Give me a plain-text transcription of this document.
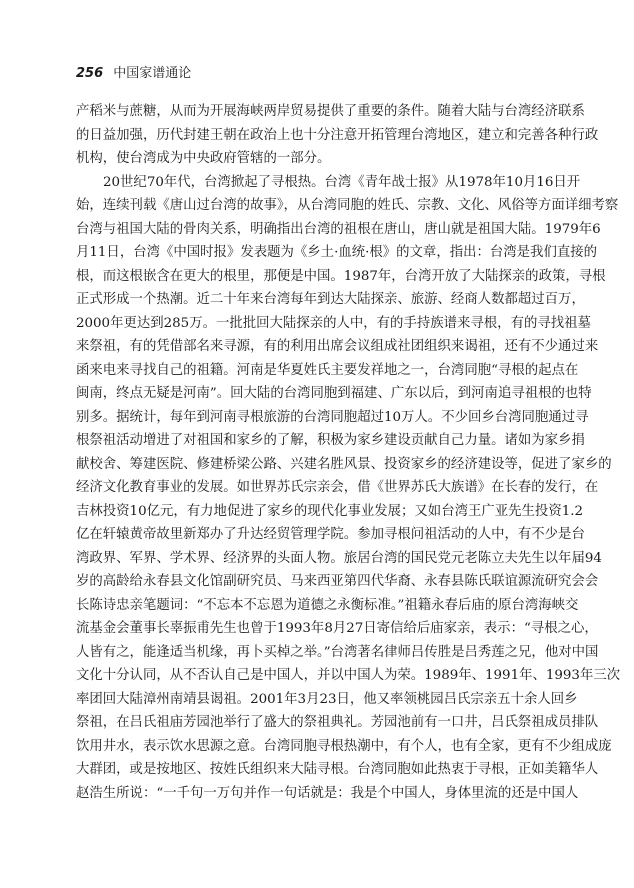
256 中国家谱通论
产稻米与蔗糖，从而为开展海峡两岸贸易提供了重要的条件。随着大陆与台湾经济联系
的日益加强，历代封建王朝在政治上也十分注意开拓管理台湾地区，建立和完善各种行政
机构，使台湾成为中央政府管辖的一部分。
20世纪70年代，台湾掀起了寻根热。台湾《青年战士报》从1978年10月16日开
始，连续刊载《唐山过台湾的故事》，从台湾同胞的姓氏、宗教、文化、风俗等方面详细考察
台湾与祖国大陆的骨肉关系，明确指出台湾的祖根在唐山，唐山就是祖国大陆。1979年6
月11日，台湾《中国时报》发表题为《乡土·血统·根》的文章，指出：台湾是我们直接的
根，而这根嵌含在更大的根里，那便是中国。1987年，台湾开放了大陆探亲的政策，寻根
正式形成一个热潮。近二十年来台湾每年到达大陆探亲、旅游、经商人数都超过百万，
2000年更达到285万。一批批回大陆探亲的人中，有的手持族谱来寻根，有的寻找祖墓
来祭祖，有的凭借部名来寻源，有的利用出席会议组成社团组织来谒祖，还有不少通过来
函来电来寻找自己的祖籍。河南是华夏姓氏主要发祥地之一，台湾同胞“寻根的起点在
闽南，终点无疑是河南”。回大陆的台湾同胞到福建、广东以后，到河南追寻祖根的也特
别多。据统计，每年到河南寻根旅游的台湾同胞超过10万人。不少回乡台湾同胞通过寻
根祭祖活动增进了对祖国和家乡的了解，积极为家乡建设贡献自己力量。诸如为家乡捐
献校舍、筹建医院、修建桥梁公路、兴建名胜风景、投资家乡的经济建设等，促进了家乡的
经济文化教育事业的发展。如世界苏氏宗亲会，借《世界苏氏大族谱》在长春的发行，在
吉林投资10亿元，有力地促进了家乡的现代化事业发展；又如台湾王广亚先生投资1.2
亿在轩辕黄帝故里新郑办了升达经贸管理学院。参加寻根问祖活动的人中，有不少是台
湾政界、军界、学术界、经济界的头面人物。旅居台湾的国民党元老陈立夫先生以年届94
岁的高龄给永春县文化馆副研究员、马来西亚第四代华裔、永春县陈氏联谊源流研究会会
长陈诗忠亲笔题词：“不忘本不忘恩为道德之永衡标准。”祖籍永春后庙的原台湾海峡交
流基金会董事长辜振甫先生也曾于1993年8月27日寄信给后庙家亲，表示：“寻根之心，
人皆有之，能逢适当机缘，再卜买棹之举。”台湾著名律师吕传胜是吕秀莲之兄，他对中国
文化十分认同，从不否认自己是中国人，并以中国人为荣。1989年、1991年、1993年三次
率团回大陆漳州南靖县谒祖。2001年3月23日，他又率领桃园吕氏宗亲五十余人回乡
祭祖，在吕氏祖庙芳园池举行了盛大的祭祖典礼。芳园池前有一口井，吕氏祭祖成员排队
饮用井水，表示饮水思源之意。台湾同胞寻根热潮中，有个人，也有全家，更有不少组成庞
大群团，或是按地区、按姓氏组织来大陆寻根。台湾同胞如此热衷于寻根，正如美籍华人
赵浩生所说：“一千句一万句并作一句话就是：我是个中国人，身体里流的还是中国人
